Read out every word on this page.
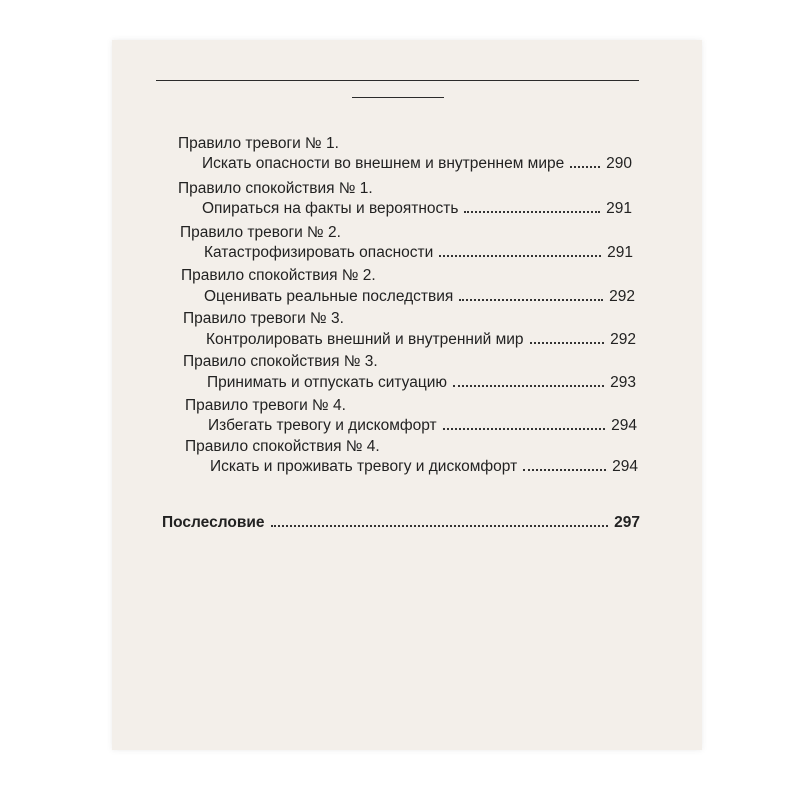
Правило тревоги № 1.
Искать опасности во внешнем и внутреннем мире	290
Правило спокойствия № 1.
Опираться на факты и вероятность	291
Правило тревоги № 2.
Катастрофизировать опасности	291
Правило спокойствия № 2.
Оценивать реальные последствия	292
Правило тревоги № 3.
Контролировать внешний и внутренний мир	292
Правило спокойствия № 3.
Принимать и отпускать ситуацию	293
Правило тревоги № 4.
Избегать тревогу и дискомфорт	294
Правило спокойствия № 4.
Искать и проживать тревогу и дискомфорт	294
Послесловие	297
